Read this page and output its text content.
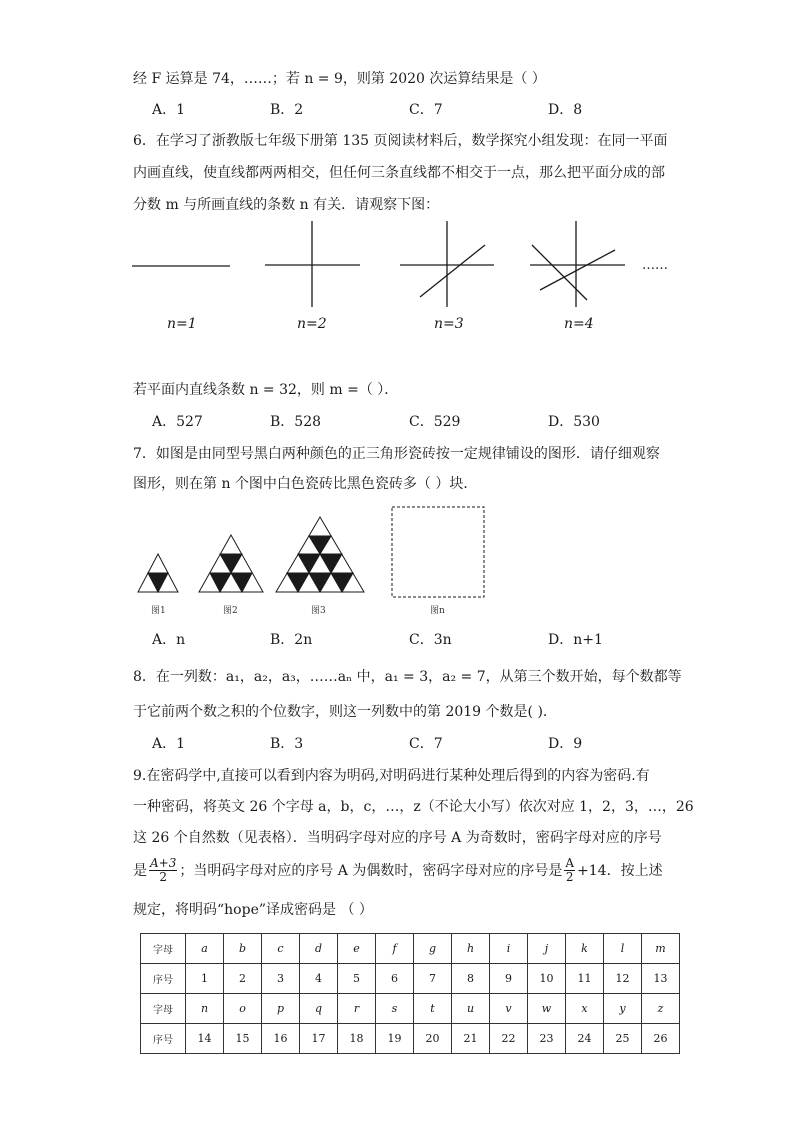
经 F 运算是 74，……；若 n = 9，则第 2020 次运算结果是（ ）
A．1	B．2	C．7	D．8
6．在学习了浙教版七年级下册第 135 页阅读材料后，数学探究小组发现：在同一平面
内画直线，使直线都两两相交，但任何三条直线都不相交于一点，那么把平面分成的部
分数 m 与所画直线的条数 n 有关．请观察下图：
……
n=1	n=2	n=3	n=4
若平面内直线条数 n = 32，则 m =（ ）．
A．527	B．528	C．529	D．530
7．如图是由同型号黑白两种颜色的正三角形瓷砖按一定规律铺设的图形．请仔细观察
图形，则在第 n 个图中白色瓷砖比黑色瓷砖多（ ）块．
图1	图2	图3	图n
A．n	B．2n	C．3n	D．n+1
8．在一列数：a₁，a₂，a₃，……aₙ 中，a₁ = 3，a₂ = 7，从第三个数开始，每个数都等
于它前两个数之积的个位数字，则这一列数中的第 2019 个数是( ).
A．1	B．3	C．7	D．9
9.在密码学中,直接可以看到内容为明码,对明码进行某种处理后得到的内容为密码.有
一种密码，将英文 26 个字母 a，b，c，…，z（不论大小写）依次对应 1，2，3，…，26
这 26 个自然数（见表格）．当明码字母对应的序号 A 为奇数时，密码字母对应的序号
是 $\frac{A+3}{2}$ ；当明码字母对应的序号 A 为偶数时，密码字母对应的序号是 $\frac{A}{2} +14$．按上述
规定，将明码“hope”译成密码是 （ ）
字母	a	b	c	d	e	f	g	h	i	j	k	l	m
序号	1	2	3	4	5	6	7	8	9	10	11	12	13
字母	n	o	p	q	r	s	t	u	v	w	x	y	z
序号	14	15	16	17	18	19	20	21	22	23	24	25	26
